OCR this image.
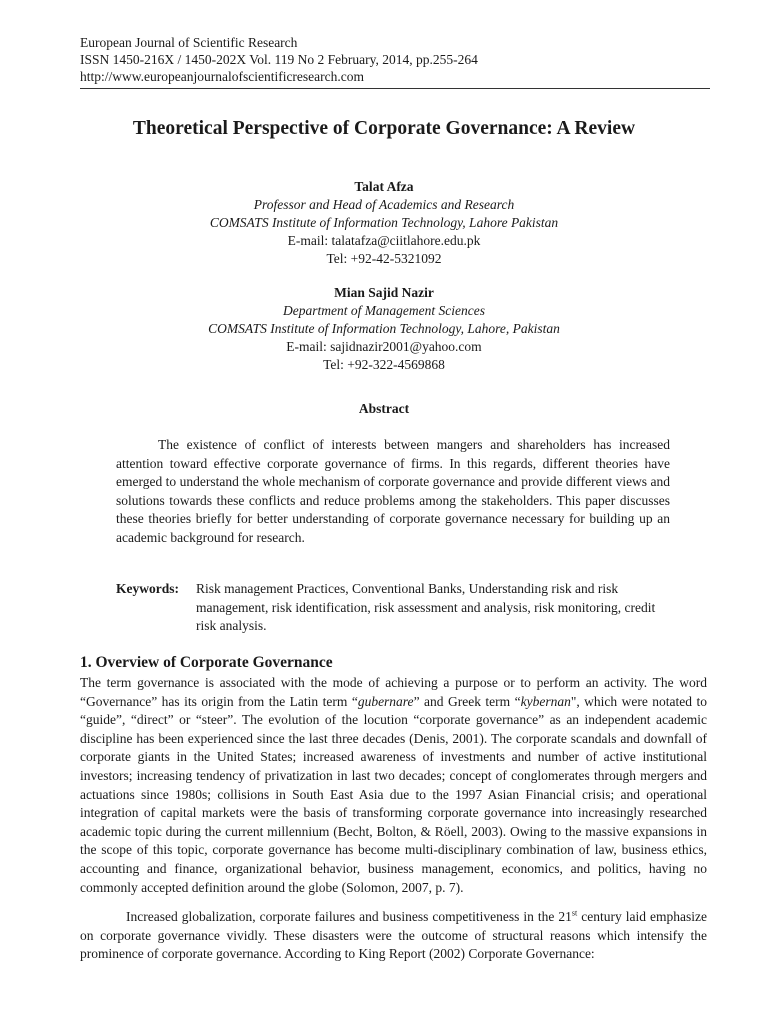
European Journal of Scientific Research
ISSN 1450-216X / 1450-202X Vol. 119 No 2 February, 2014, pp.255-264
http://www.europeanjournalofscientificresearch.com
Theoretical Perspective of Corporate Governance: A Review
Talat Afza
Professor and Head of Academics and Research
COMSATS Institute of Information Technology, Lahore Pakistan
E-mail: talatafza@ciitlahore.edu.pk
Tel: +92-42-5321092
Mian Sajid Nazir
Department of Management Sciences
COMSATS Institute of Information Technology, Lahore, Pakistan
E-mail: sajidnazir2001@yahoo.com
Tel: +92-322-4569868
Abstract

The existence of conflict of interests between mangers and shareholders has increased attention toward effective corporate governance of firms. In this regards, different theories have emerged to understand the whole mechanism of corporate governance and provide different views and solutions towards these conflicts and reduce problems among the stakeholders. This paper discusses these theories briefly for better understanding of corporate governance necessary for building up an academic background for research.

Keywords:	Risk management Practices, Conventional Banks, Understanding risk and risk management, risk identification, risk assessment and analysis, risk monitoring, credit risk analysis.
1. Overview of Corporate Governance

The term governance is associated with the mode of achieving a purpose or to perform an activity. The word “Governance” has its origin from the Latin term “gubernare” and Greek term “kybernan", which were notated to “guide”, “direct” or “steer”. The evolution of the locution “corporate governance” as an independent academic discipline has been experienced since the last three decades (Denis, 2001). The corporate scandals and downfall of corporate giants in the United States; increased awareness of investments and number of active institutional investors; increasing tendency of privatization in last two decades; concept of conglomerates through mergers and actuations since 1980s; collisions in South East Asia due to the 1997 Asian Financial crisis; and operational integration of capital markets were the basis of transforming corporate governance into increasingly researched academic topic during the current millennium (Becht, Bolton, & Röell, 2003). Owing to the massive expansions in the scope of this topic, corporate governance has become multi-disciplinary combination of law, business ethics, accounting and finance, organizational behavior, business management, economics, and politics, having no commonly accepted definition around the globe (Solomon, 2007, p. 7).

Increased globalization, corporate failures and business competitiveness in the 21st century laid emphasize on corporate governance vividly. These disasters were the outcome of structural reasons which intensify the prominence of corporate governance. According to King Report (2002) Corporate Governance:
